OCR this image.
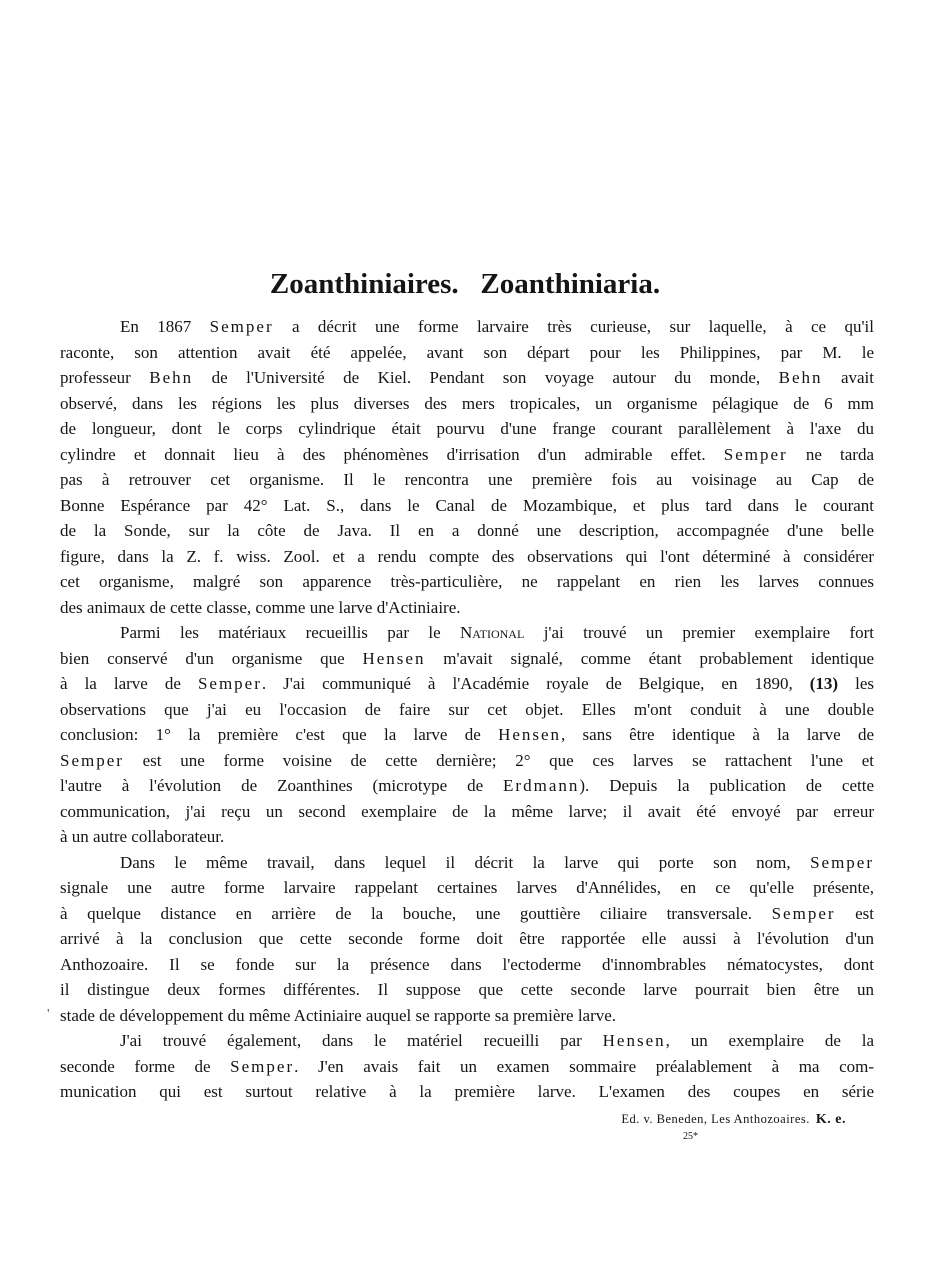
Zoanthiniaires.   Zoanthiniaria.
En 1867 Semper a décrit une forme larvaire très curieuse, sur laquelle, à ce qu'il
raconte, son attention avait été appelée, avant son départ pour les Philippines, par M. le
professeur Behn de l'Université de Kiel. Pendant son voyage autour du monde, Behn avait
observé, dans les régions les plus diverses des mers tropicales, un organisme pélagique de 6 mm
de longueur, dont le corps cylindrique était pourvu d'une frange courant parallèlement à l'axe du
cylindre et donnait lieu à des phénomènes d'irrisation d'un admirable effet. Semper ne tarda
pas à retrouver cet organisme. Il le rencontra une première fois au voisinage au Cap de
Bonne Espérance par 42° Lat. S., dans le Canal de Mozambique, et plus tard dans le courant
de la Sonde, sur la côte de Java. Il en a donné une description, accompagnée d'une belle
figure, dans la Z. f. wiss. Zool. et a rendu compte des observations qui l'ont déterminé à considérer
cet organisme, malgré son apparence très-particulière, ne rappelant en rien les larves connues
des animaux de cette classe, comme une larve d'Actiniaire.
Parmi les matériaux recueillis par le National j'ai trouvé un premier exemplaire fort
bien conservé d'un organisme que Hensen m'avait signalé, comme étant probablement identique
à la larve de Semper. J'ai communiqué à l'Académie royale de Belgique, en 1890, (13) les
observations que j'ai eu l'occasion de faire sur cet objet. Elles m'ont conduit à une double
conclusion: 1° la première c'est que la larve de Hensen, sans être identique à la larve de
Semper est une forme voisine de cette dernière; 2° que ces larves se rattachent l'une et
l'autre à l'évolution de Zoanthines (microtype de Erdmann). Depuis la publication de cette
communication, j'ai reçu un second exemplaire de la même larve; il avait été envoyé par erreur
à un autre collaborateur.
Dans le même travail, dans lequel il décrit la larve qui porte son nom, Semper
signale une autre forme larvaire rappelant certaines larves d'Annélides, en ce qu'elle présente,
à quelque distance en arrière de la bouche, une gouttière ciliaire transversale. Semper est
arrivé à la conclusion que cette seconde forme doit être rapportée elle aussi à l'évolution d'un
Anthozoaire. Il se fonde sur la présence dans l'ectoderme d'innombrables nématocystes, dont
il distingue deux formes différentes. Il suppose que cette seconde larve pourrait bien être un
stade de développement du même Actiniaire auquel se rapporte sa première larve.
J'ai trouvé également, dans le matériel recueilli par Hensen, un exemplaire de la
seconde forme de Semper. J'en avais fait un examen sommaire préalablement à ma com-
munication qui est surtout relative à la première larve. L'examen des coupes en série
'
Ed. v. Beneden, Les Anthozoaires. K. e.
25*
